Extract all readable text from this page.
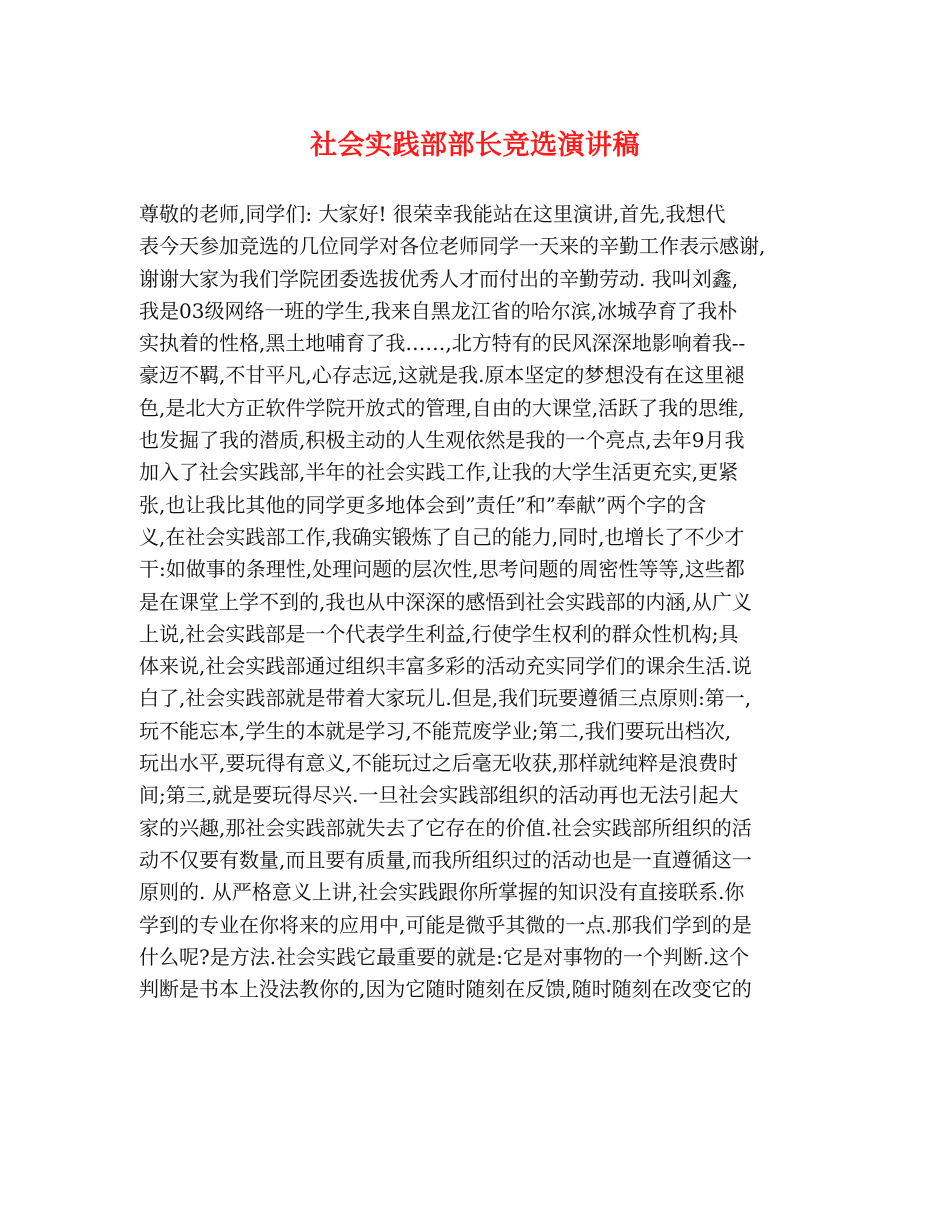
社会实践部部长竞选演讲稿
尊敬的老师,同学们: 大家好! 很荣幸我能站在这里演讲,首先,我想代
表今天参加竞选的几位同学对各位老师同学一天来的辛勤工作表示感谢,
谢谢大家为我们学院团委选拔优秀人才而付出的辛勤劳动. 我叫刘鑫,
我是03级网络一班的学生,我来自黑龙江省的哈尔滨,冰城孕育了我朴
实执着的性格,黑土地哺育了我……,北方特有的民风深深地影响着我--
豪迈不羁,不甘平凡,心存志远,这就是我.原本坚定的梦想没有在这里褪
色,是北大方正软件学院开放式的管理,自由的大课堂,活跃了我的思维,
也发掘了我的潜质,积极主动的人生观依然是我的一个亮点,去年9月我
加入了社会实践部,半年的社会实践工作,让我的大学生活更充实,更紧
张,也让我比其他的同学更多地体会到”责任”和”奉献”两个字的含
义,在社会实践部工作,我确实锻炼了自己的能力,同时,也增长了不少才
干:如做事的条理性,处理问题的层次性,思考问题的周密性等等,这些都
是在课堂上学不到的,我也从中深深的感悟到社会实践部的内涵,从广义
上说,社会实践部是一个代表学生利益,行使学生权利的群众性机构;具
体来说,社会实践部通过组织丰富多彩的活动充实同学们的课余生活.说
白了,社会实践部就是带着大家玩儿.但是,我们玩要遵循三点原则:第一,
玩不能忘本,学生的本就是学习,不能荒废学业;第二,我们要玩出档次,
玩出水平,要玩得有意义,不能玩过之后毫无收获,那样就纯粹是浪费时
间;第三,就是要玩得尽兴.一旦社会实践部组织的活动再也无法引起大
家的兴趣,那社会实践部就失去了它存在的价值.社会实践部所组织的活
动不仅要有数量,而且要有质量,而我所组织过的活动也是一直遵循这一
原则的. 从严格意义上讲,社会实践跟你所掌握的知识没有直接联系.你
学到的专业在你将来的应用中,可能是微乎其微的一点.那我们学到的是
什么呢?是方法.社会实践它最重要的就是:它是对事物的一个判断.这个
判断是书本上没法教你的,因为它随时随刻在反馈,随时随刻在改变它的
